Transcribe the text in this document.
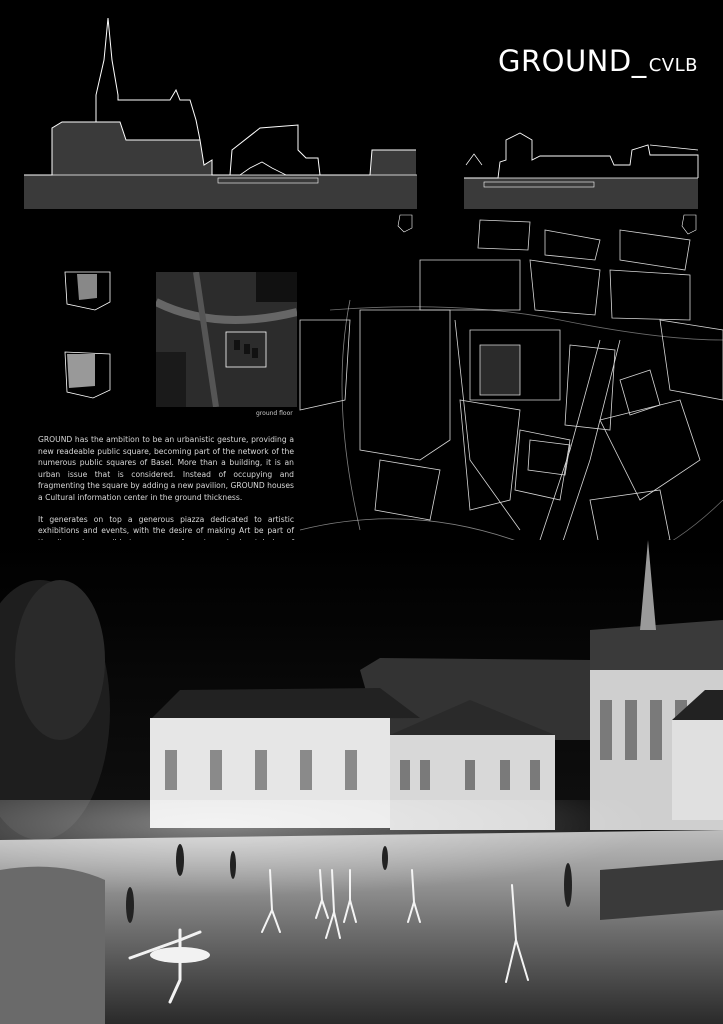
GROUND_ CVLB
ground floor

GROUND has the ambition to be an urbanistic gesture, providing a new readeable public square, becoming part of the network of the numerous public squares of Basel. More than a building, it is an urban issue that is considered. Instead of occupying and fragmenting the square by adding a new pavilion, GROUND houses a Cultural information center in the ground thickness.

It generates on top a generous piazza dedicated to artistic exhibitions and events, with the desire of making Art be part of
